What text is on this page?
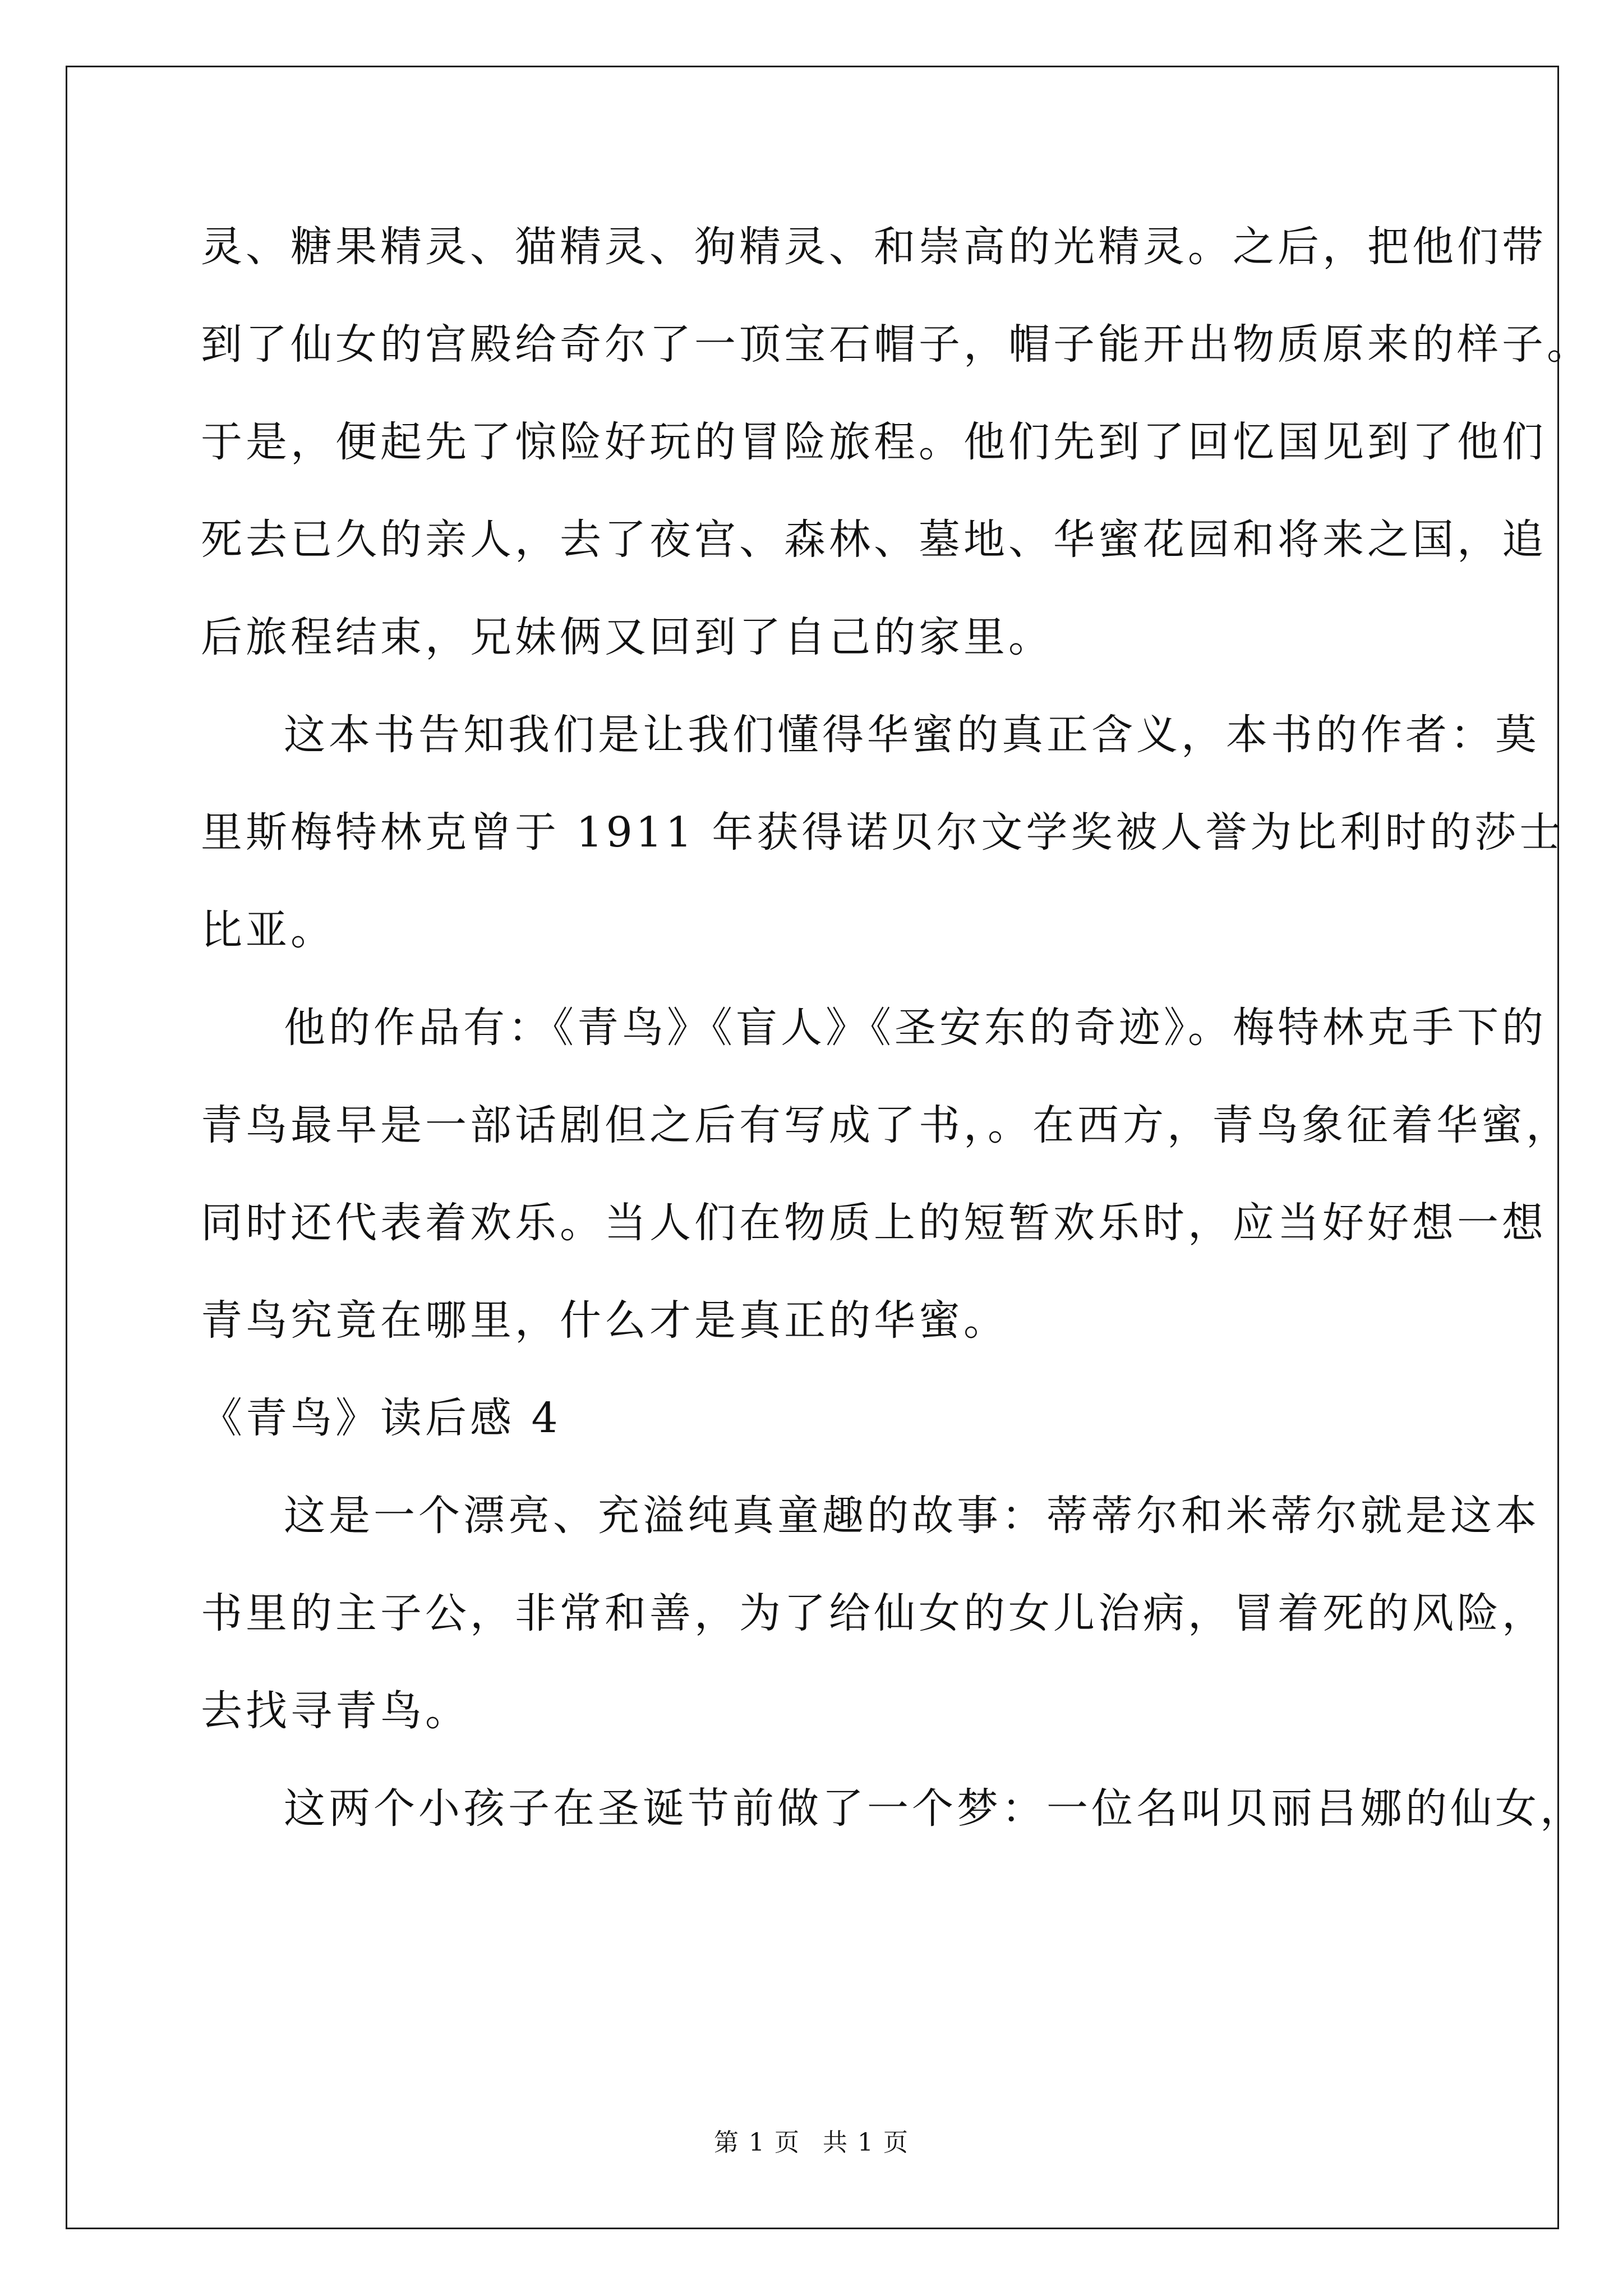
灵、糖果精灵、猫精灵、狗精灵、和崇高的光精灵。之后，把他们带
到了仙女的宫殿给奇尔了一顶宝石帽子，帽子能开出物质原来的样子。
于是，便起先了惊险好玩的冒险旅程。他们先到了回忆国见到了他们
死去已久的亲人，去了夜宫、森林、墓地、华蜜花园和将来之国，追
后旅程结束，兄妹俩又回到了自己的家里。
这本书告知我们是让我们懂得华蜜的真正含义，本书的作者：莫
里斯梅特林克曾于 1911 年获得诺贝尔文学奖被人誉为比利时的莎士
比亚。
他的作品有：《青鸟》《盲人》《圣安东的奇迹》。梅特林克手下的
青鸟最早是一部话剧但之后有写成了书，。在西方，青鸟象征着华蜜，
同时还代表着欢乐。当人们在物质上的短暂欢乐时，应当好好想一想
青鸟究竟在哪里，什么才是真正的华蜜。
《青鸟》读后感 4
这是一个漂亮、充溢纯真童趣的故事：蒂蒂尔和米蒂尔就是这本
书里的主子公，非常和善，为了给仙女的女儿治病，冒着死的风险，
去找寻青鸟。
这两个小孩子在圣诞节前做了一个梦：一位名叫贝丽吕娜的仙女，
第 1 页 共 1 页
